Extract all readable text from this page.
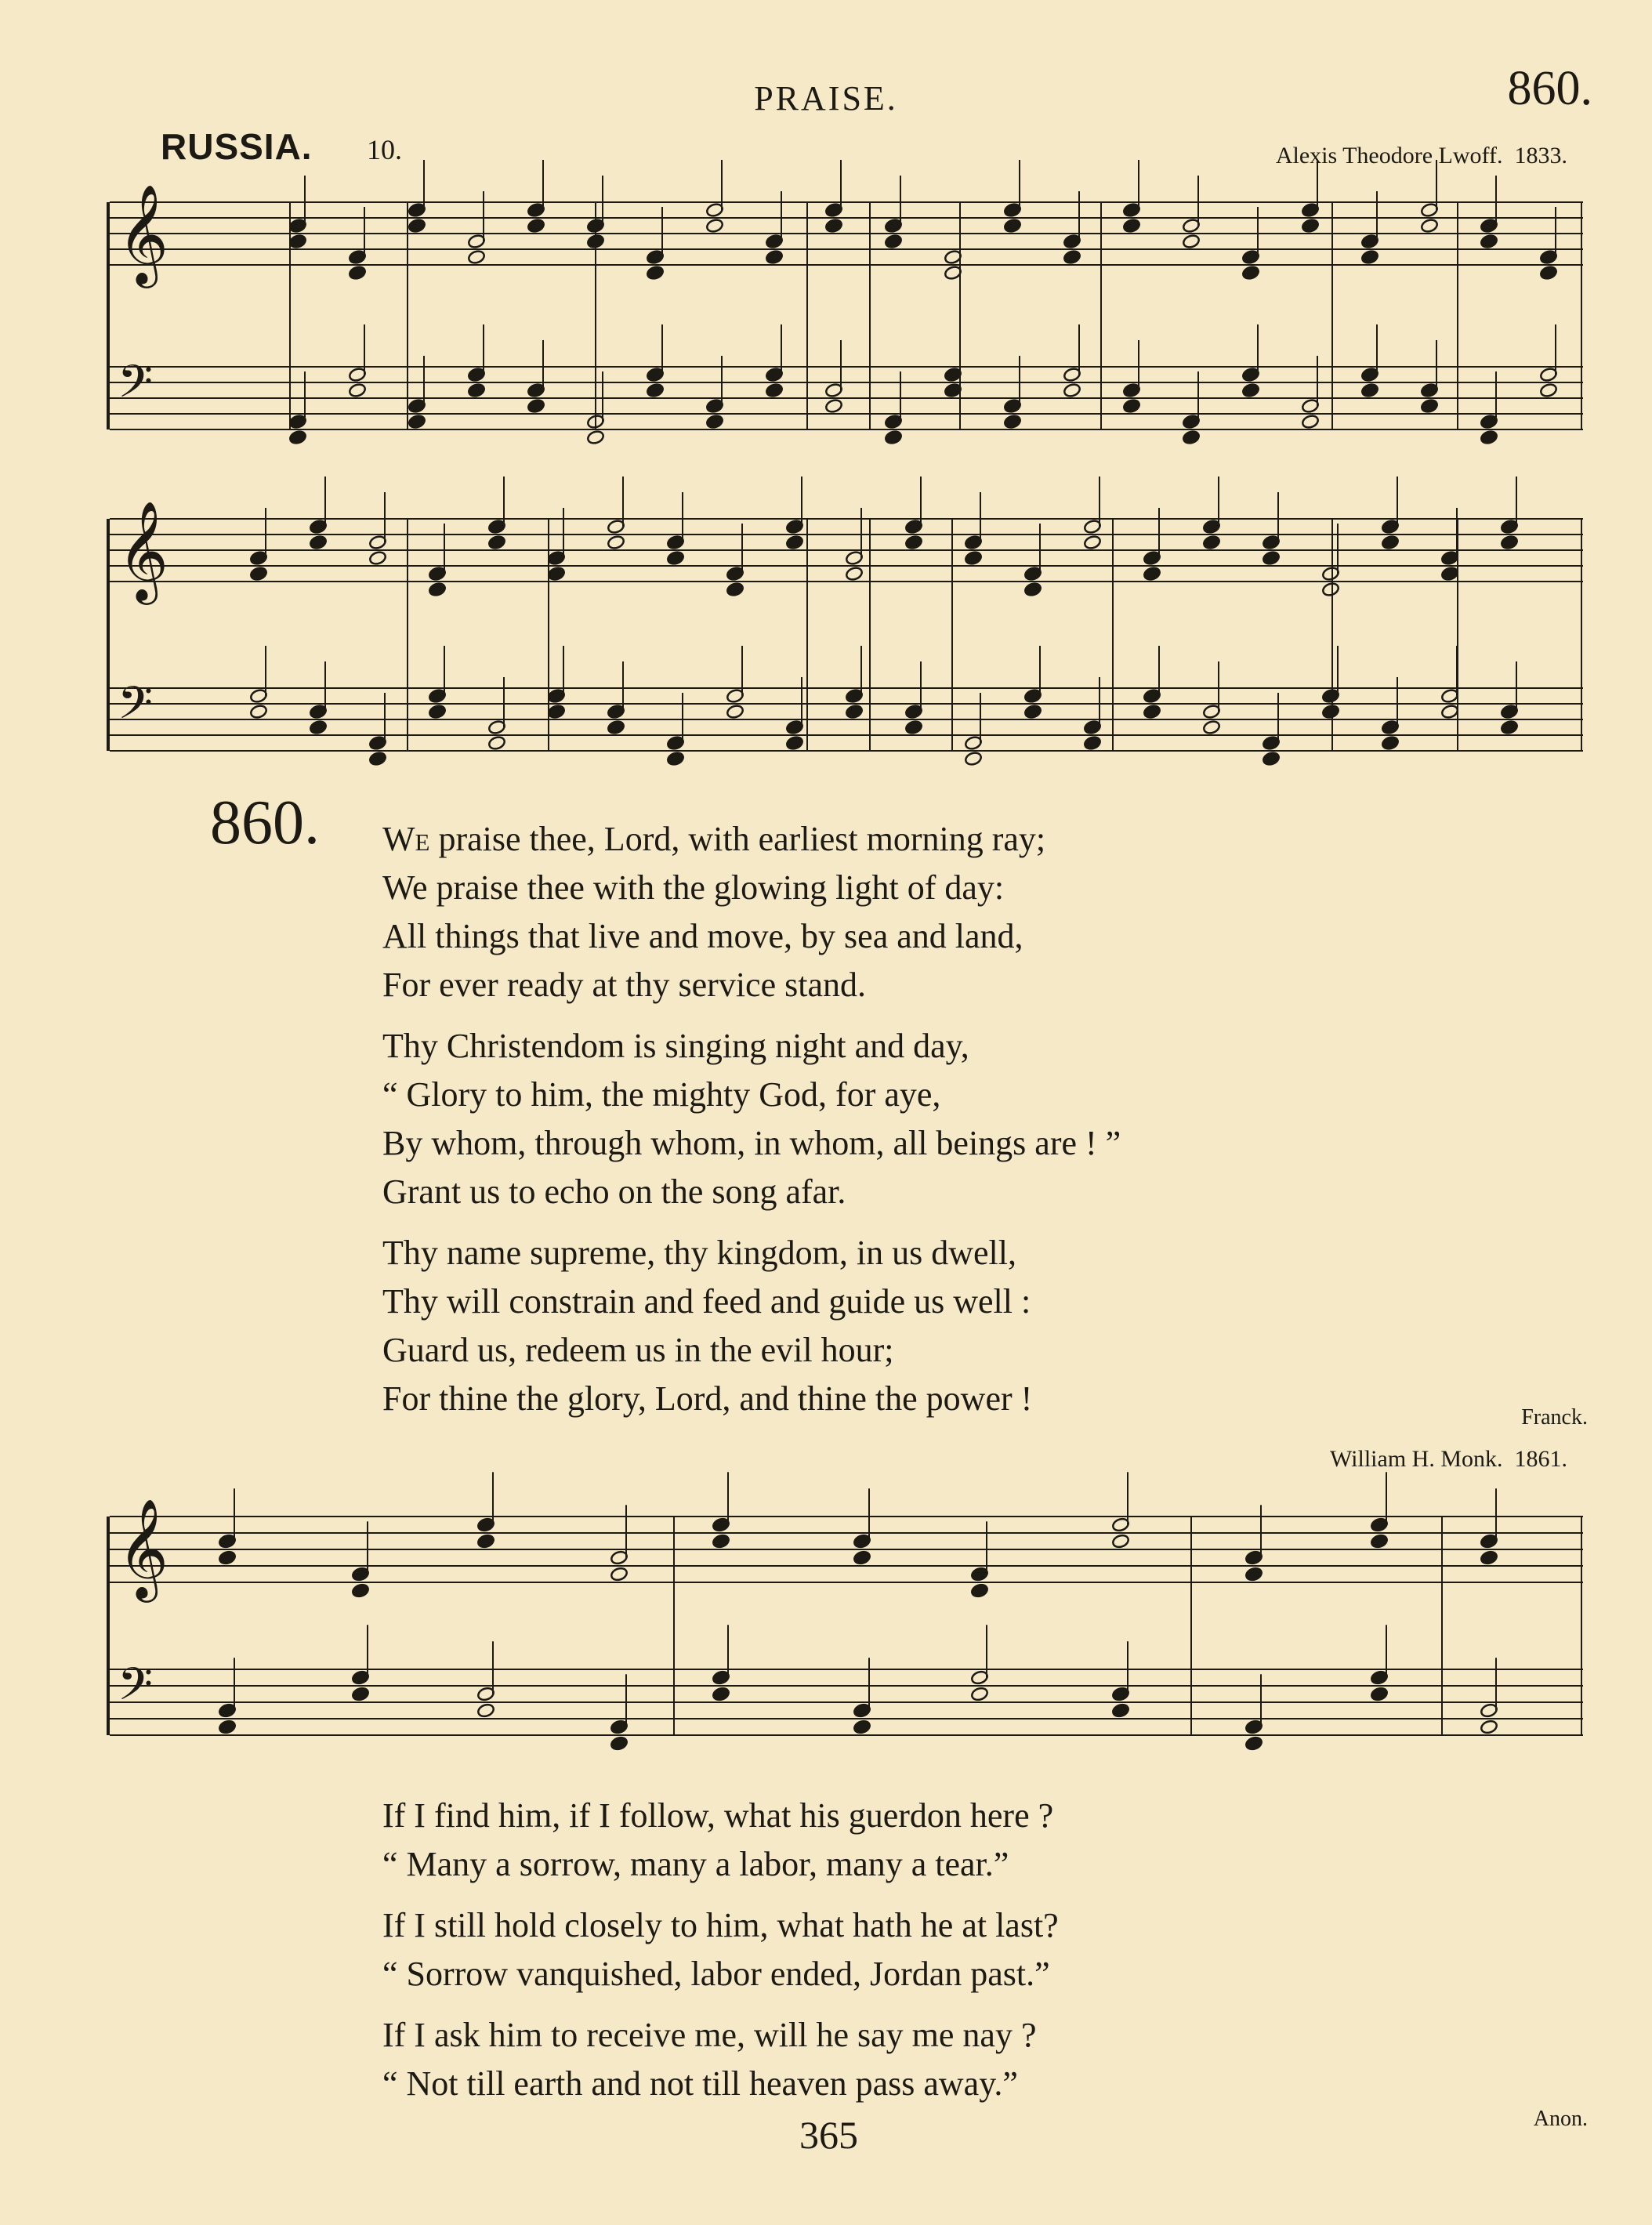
PRAISE.	860.
RUSSIA. 10.	Alexis Theodore Lwoff. 1833.
𝄞
𝄞
𝄞
𝄢
𝄢
𝄢
860. We praise thee, Lord, with earliest morning ray;
We praise thee with the glowing light of day:
All things that live and move, by sea and land,
For ever ready at thy service stand.
Thy Christendom is singing night and day,
“ Glory to him, the mighty God, for aye,
By whom, through whom, in whom, all beings are ! ”
Grant us to echo on the song afar.
Thy name supreme, thy kingdom, in us dwell,
Thy will constrain and feed and guide us well :
Guard us, redeem us in the evil hour;
For thine the glory, Lord, and thine the power !	Franck.
William H. Monk. 1861.
If I find him, if I follow, what his guerdon here ?
“ Many a sorrow, many a labor, many a tear.”
If I still hold closely to him, what hath he at last?
“ Sorrow vanquished, labor ended, Jordan past.”
If I ask him to receive me, will he say me nay ?
“ Not till earth and not till heaven pass away.”
Anon.
365
